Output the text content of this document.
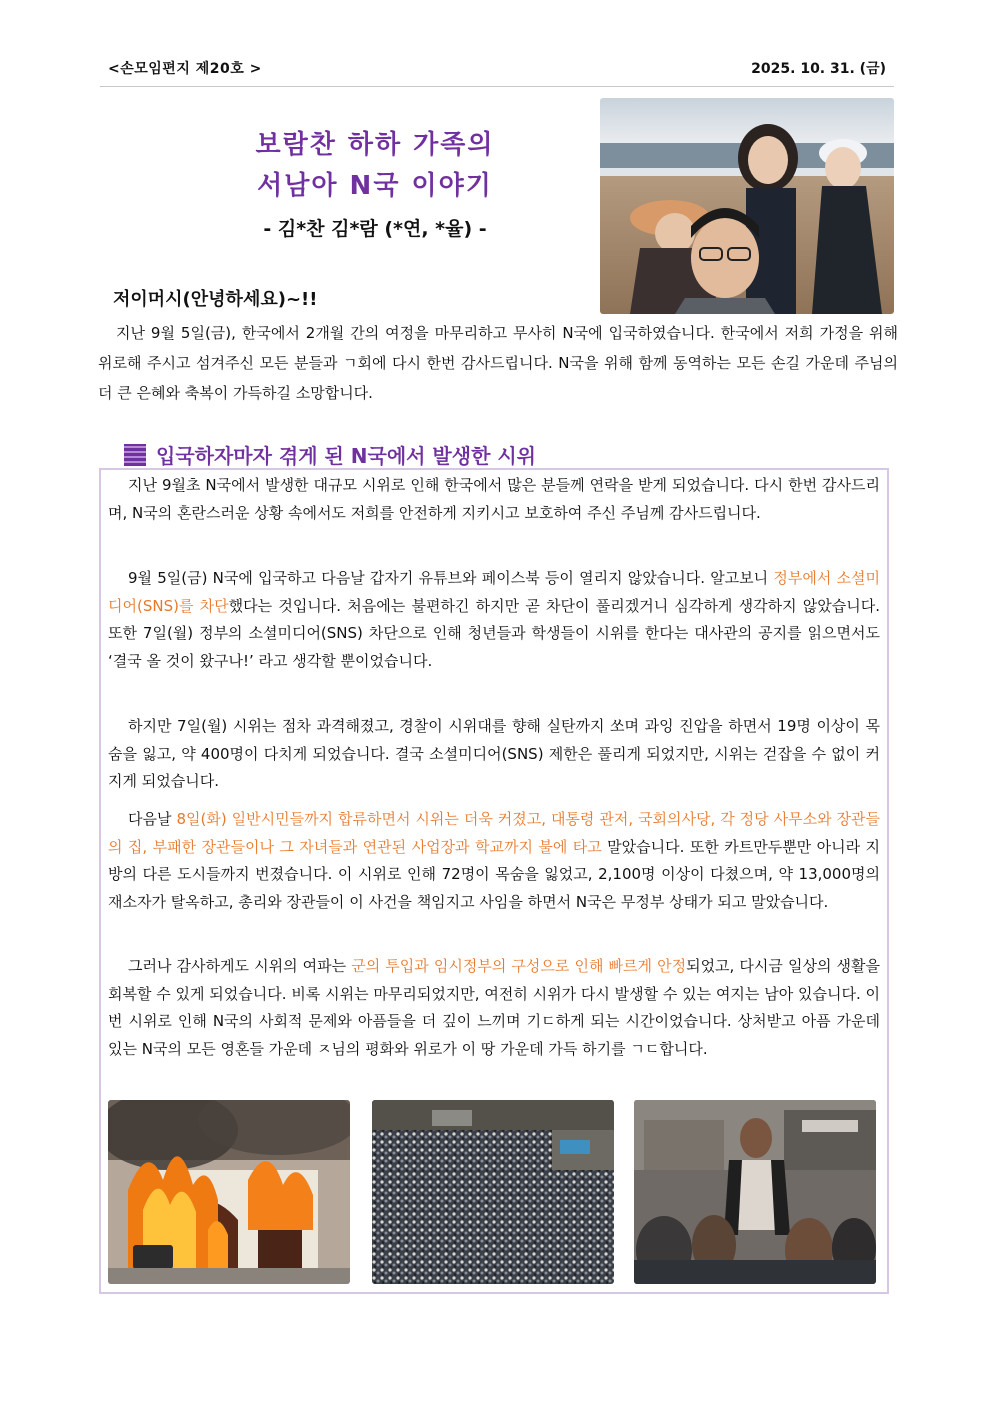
<손모임편지 제20호 >	2025. 10. 31. (금)
보람찬 하하 가족의
서남아 N국 이야기
- 김*찬 김*람 (*연, *율) -
저이머시(안녕하세요)~!!

지난 9월 5일(금), 한국에서 2개월 간의 여정을 마무리하고 무사히 N국에 입국하였습니다. 한국에서 저희 가정을 위해 위로해 주시고 섬겨주신 모든 분들과 ㄱ회에 다시 한번 감사드립니다. N국을 위해 함께 동역하는 모든 손길 가운데 주님의 더 큰 은혜와 축복이 가득하길 소망합니다.

입국하자마자 겪게 된 N국에서 발생한 시위

지난 9월초 N국에서 발생한 대규모 시위로 인해 한국에서 많은 분들께 연락을 받게 되었습니다. 다시 한번 감사드리며, N국의 혼란스러운 상황 속에서도 저희를 안전하게 지키시고 보호하여 주신 주님께 감사드립니다.

9월 5일(금) N국에 입국하고 다음날 갑자기 유튜브와 페이스북 등이 열리지 않았습니다. 알고보니 정부에서 소셜미디어(SNS)를 차단했다는 것입니다. 처음에는 불편하긴 하지만 곧 차단이 풀리겠거니 심각하게 생각하지 않았습니다. 또한 7일(월) 정부의 소셜미디어(SNS) 차단으로 인해 청년들과 학생들이 시위를 한다는 대사관의 공지를 읽으면서도 ‘결국 올 것이 왔구나!’ 라고 생각할 뿐이었습니다.

하지만 7일(월) 시위는 점차 과격해졌고, 경찰이 시위대를 향해 실탄까지 쏘며 과잉 진압을 하면서 19명 이상이 목숨을 잃고, 약 400명이 다치게 되었습니다. 결국 소셜미디어(SNS) 제한은 풀리게 되었지만, 시위는 걷잡을 수 없이 커지게 되었습니다.

다음날 8일(화) 일반시민들까지 합류하면서 시위는 더욱 커졌고, 대통령 관저, 국회의사당, 각 정당 사무소와 장관들의 집, 부패한 장관들이나 그 자녀들과 연관된 사업장과 학교까지 불에 타고 말았습니다. 또한 카트만두뿐만 아니라 지방의 다른 도시들까지 번졌습니다. 이 시위로 인해 72명이 목숨을 잃었고, 2,100명 이상이 다쳤으며, 약 13,000명의 재소자가 탈옥하고, 총리와 장관들이 이 사건을 책임지고 사임을 하면서 N국은 무정부 상태가 되고 말았습니다.

그러나 감사하게도 시위의 여파는 군의 투입과 임시정부의 구성으로 인해 빠르게 안정되었고, 다시금 일상의 생활을 회복할 수 있게 되었습니다. 비록 시위는 마무리되었지만, 여전히 시위가 다시 발생할 수 있는 여지는 남아 있습니다. 이번 시위로 인해 N국의 사회적 문제와 아픔들을 더 깊이 느끼며 기ㄷ하게 되는 시간이었습니다. 상처받고 아픔 가운데 있는 N국의 모든 영혼들 가운데 ㅈ님의 평화와 위로가 이 땅 가운데 가득 하기를 ㄱㄷ합니다.
